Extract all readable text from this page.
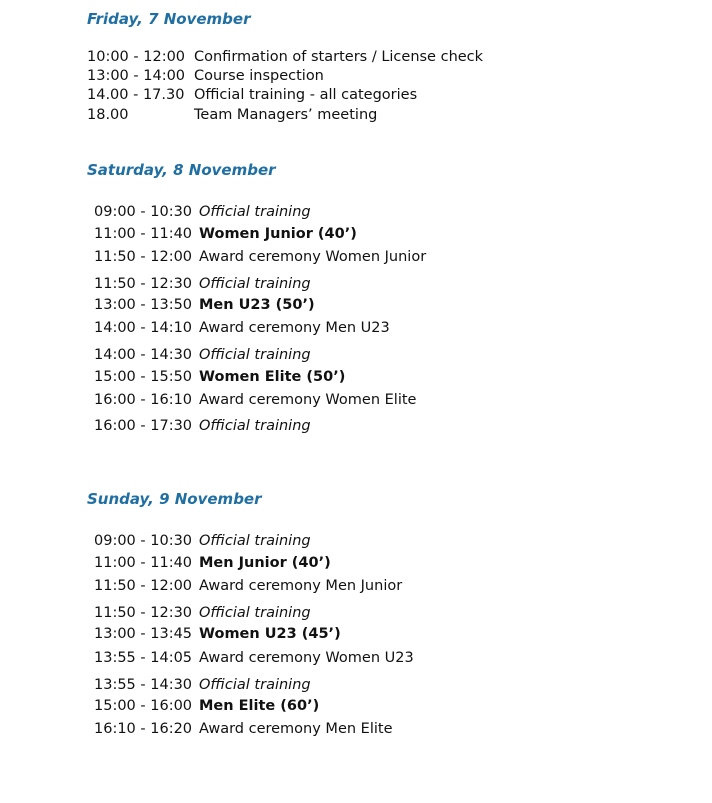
Friday, 7 November
10:00 - 12:00 Confirmation of starters / License check
13:00 - 14:00 Course inspection
14.00 - 17.30 Official training - all categories
18.00	Team Managers’ meeting
Saturday, 8 November
09:00 - 10:30 Official training
11:00 - 11:40 Women Junior (40’)
11:50 - 12:00 Award ceremony Women Junior
11:50 - 12:30 Official training
13:00 - 13:50 Men U23 (50’)
14:00 - 14:10 Award ceremony Men U23
14:00 - 14:30 Official training
15:00 - 15:50 Women Elite (50’)
16:00 - 16:10 Award ceremony Women Elite
16:00 - 17:30 Official training
Sunday, 9 November
09:00 - 10:30 Official training
11:00 - 11:40 Men Junior (40’)
11:50 - 12:00 Award ceremony Men Junior
11:50 - 12:30 Official training
13:00 - 13:45 Women U23 (45’)
13:55 - 14:05 Award ceremony Women U23
13:55 - 14:30 Official training
15:00 - 16:00 Men Elite (60’)
16:10 - 16:20 Award ceremony Men Elite
